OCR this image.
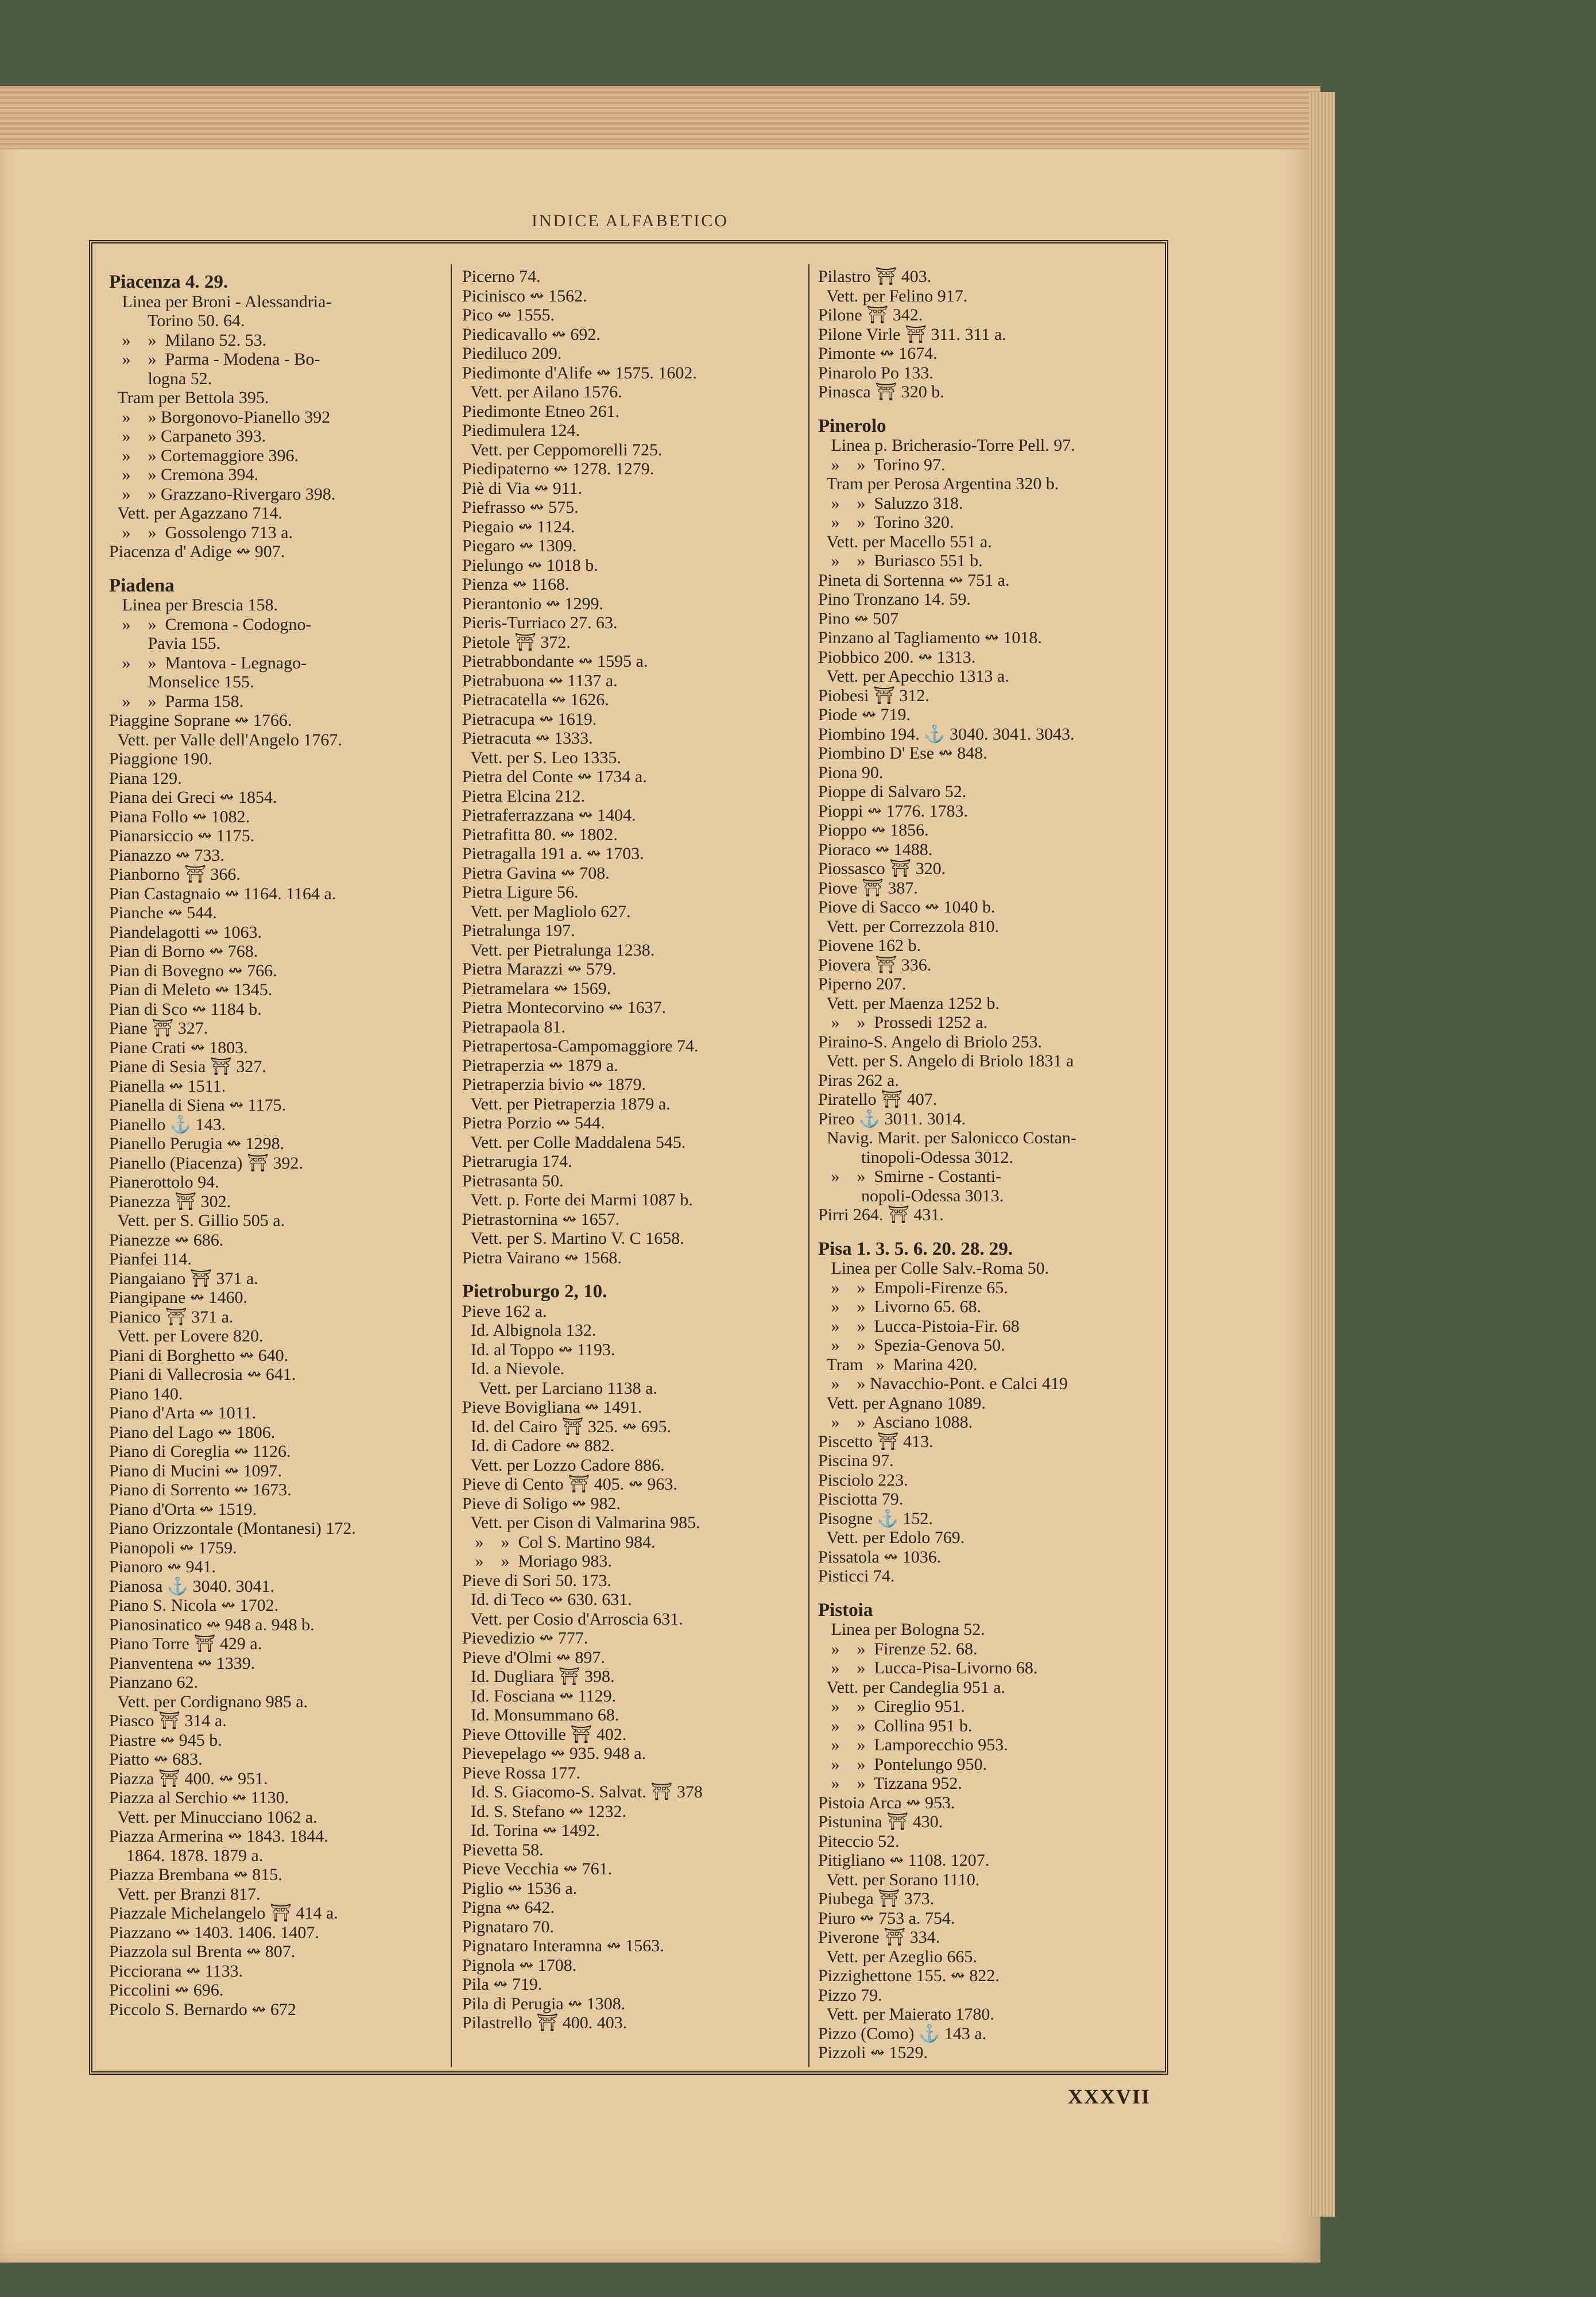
INDICE ALFABETICO
Piacenza 4. 29.
Linea per Broni - Alessandria-
Torino 50. 64.
»    »  Milano 52. 53.
»    »  Parma - Modena - Bo-
logna 52.
Tram per Bettola 395.
»    » Borgonovo-Pianello 392
»    » Carpaneto 393.
»    » Cortemaggiore 396.
»    » Cremona 394.
»    » Grazzano-Rivergaro 398.
Vett. per Agazzano 714.
»    »  Gossolengo 713 a.
Piacenza d' Adige ↭ 907.
Piadena
Linea per Brescia 158.
»    »  Cremona - Codogno-
Pavia 155.
»    »  Mantova - Legnago-
Monselice 155.
»    »  Parma 158.
Piaggine Soprane ↭ 1766.
Vett. per Valle dell'Angelo 1767.
Piaggione 190.
Piana 129.
Piana dei Greci ↭ 1854.
Piana Follo ↭ 1082.
Pianarsiccio ↭ 1175.
Pianazzo ↭ 733.
Pianborno ⛩ 366.
Pian Castagnaio ↭ 1164. 1164 a.
Pianche ↭ 544.
Piandelagotti ↭ 1063.
Pian di Borno ↭ 768.
Pian di Bovegno ↭ 766.
Pian di Meleto ↭ 1345.
Pian di Sco ↭ 1184 b.
Piane ⛩ 327.
Piane Crati ↭ 1803.
Piane di Sesia ⛩ 327.
Pianella ↭ 1511.
Pianella di Siena ↭ 1175.
Pianello ⚓ 143.
Pianello Perugia ↭ 1298.
Pianello (Piacenza) ⛩ 392.
Pianerottolo 94.
Pianezza ⛩ 302.
Vett. per S. Gillio 505 a.
Pianezze ↭ 686.
Pianfei 114.
Piangaiano ⛩ 371 a.
Piangipane ↭ 1460.
Pianico ⛩ 371 a.
Vett. per Lovere 820.
Piani di Borghetto ↭ 640.
Piani di Vallecrosia ↭ 641.
Piano 140.
Piano d'Arta ↭ 1011.
Piano del Lago ↭ 1806.
Piano di Coreglia ↭ 1126.
Piano di Mucini ↭ 1097.
Piano di Sorrento ↭ 1673.
Piano d'Orta ↭ 1519.
Piano Orizzontale (Montanesi) 172.
Pianopoli ↭ 1759.
Pianoro ↭ 941.
Pianosa ⚓ 3040. 3041.
Piano S. Nicola ↭ 1702.
Pianosinatico ↭ 948 a. 948 b.
Piano Torre ⛩ 429 a.
Pianventena ↭ 1339.
Pianzano 62.
Vett. per Cordignano 985 a.
Piasco ⛩ 314 a.
Piastre ↭ 945 b.
Piatto ↭ 683.
Piazza ⛩ 400. ↭ 951.
Piazza al Serchio ↭ 1130.
Vett. per Minucciano 1062 a.
Piazza Armerina ↭ 1843. 1844.
1864. 1878. 1879 a.
Piazza Brembana ↭ 815.
Vett. per Branzi 817.
Piazzale Michelangelo ⛩ 414 a.
Piazzano ↭ 1403. 1406. 1407.
Piazzola sul Brenta ↭ 807.
Picciorana ↭ 1133.
Piccolini ↭ 696.
Piccolo S. Bernardo ↭ 672
Picerno 74.
Picinisco ↭ 1562.
Pico ↭ 1555.
Piedicavallo ↭ 692.
Piediluco 209.
Piedimonte d'Alife ↭ 1575. 1602.
Vett. per Ailano 1576.
Piedimonte Etneo 261.
Piedimulera 124.
Vett. per Ceppomorelli 725.
Piedipaterno ↭ 1278. 1279.
Piè di Via ↭ 911.
Piefrasso ↭ 575.
Piegaio ↭ 1124.
Piegaro ↭ 1309.
Pielungo ↭ 1018 b.
Pienza ↭ 1168.
Pierantonio ↭ 1299.
Pieris-Turriaco 27. 63.
Pietole ⛩ 372.
Pietrabbondante ↭ 1595 a.
Pietrabuona ↭ 1137 a.
Pietracatella ↭ 1626.
Pietracupa ↭ 1619.
Pietracuta ↭ 1333.
Vett. per S. Leo 1335.
Pietra del Conte ↭ 1734 a.
Pietra Elcina 212.
Pietraferrazzana ↭ 1404.
Pietrafitta 80. ↭ 1802.
Pietragalla 191 a. ↭ 1703.
Pietra Gavina ↭ 708.
Pietra Ligure 56.
Vett. per Magliolo 627.
Pietralunga 197.
Vett. per Pietralunga 1238.
Pietra Marazzi ↭ 579.
Pietramelara ↭ 1569.
Pietra Montecorvino ↭ 1637.
Pietrapaola 81.
Pietrapertosa-Campomaggiore 74.
Pietraperzia ↭ 1879 a.
Pietraperzia bivio ↭ 1879.
Vett. per Pietraperzia 1879 a.
Pietra Porzio ↭ 544.
Vett. per Colle Maddalena 545.
Pietrarugia 174.
Pietrasanta 50.
Vett. p. Forte dei Marmi 1087 b.
Pietrastornina ↭ 1657.
Vett. per S. Martino V. C 1658.
Pietra Vairano ↭ 1568.
Pietroburgo 2, 10.
Pieve 162 a.
Id. Albignola 132.
Id. al Toppo ↭ 1193.
Id. a Nievole.
Vett. per Larciano 1138 a.
Pieve Bovigliana ↭ 1491.
Id. del Cairo ⛩ 325. ↭ 695.
Id. di Cadore ↭ 882.
Vett. per Lozzo Cadore 886.
Pieve di Cento ⛩ 405. ↭ 963.
Pieve di Soligo ↭ 982.
Vett. per Cison di Valmarina 985.
»    »  Col S. Martino 984.
»    »  Moriago 983.
Pieve di Sori 50. 173.
Id. di Teco ↭ 630. 631.
Vett. per Cosio d'Arroscia 631.
Pievedizio ↭ 777.
Pieve d'Olmi ↭ 897.
Id. Dugliara ⛩ 398.
Id. Fosciana ↭ 1129.
Id. Monsummano 68.
Pieve Ottoville ⛩ 402.
Pievepelago ↭ 935. 948 a.
Pieve Rossa 177.
Id. S. Giacomo-S. Salvat. ⛩ 378
Id. S. Stefano ↭ 1232.
Id. Torina ↭ 1492.
Pievetta 58.
Pieve Vecchia ↭ 761.
Piglio ↭ 1536 a.
Pigna ↭ 642.
Pignataro 70.
Pignataro Interamna ↭ 1563.
Pignola ↭ 1708.
Pila ↭ 719.
Pila di Perugia ↭ 1308.
Pilastrello ⛩ 400. 403.
Pilastro ⛩ 403.
Vett. per Felino 917.
Pilone ⛩ 342.
Pilone Virle ⛩ 311. 311 a.
Pimonte ↭ 1674.
Pinarolo Po 133.
Pinasca ⛩ 320 b.
Pinerolo
Linea p. Bricherasio-Torre Pell. 97.
»    »  Torino 97.
Tram per Perosa Argentina 320 b.
»    »  Saluzzo 318.
»    »  Torino 320.
Vett. per Macello 551 a.
»    »  Buriasco 551 b.
Pineta di Sortenna ↭ 751 a.
Pino Tronzano 14. 59.
Pino ↭ 507
Pinzano al Tagliamento ↭ 1018.
Piobbico 200. ↭ 1313.
Vett. per Apecchio 1313 a.
Piobesi ⛩ 312.
Piode ↭ 719.
Piombino 194. ⚓ 3040. 3041. 3043.
Piombino D' Ese ↭ 848.
Piona 90.
Pioppe di Salvaro 52.
Pioppi ↭ 1776. 1783.
Pioppo ↭ 1856.
Pioraco ↭ 1488.
Piossasco ⛩ 320.
Piove ⛩ 387.
Piove di Sacco ↭ 1040 b.
Vett. per Correzzola 810.
Piovene 162 b.
Piovera ⛩ 336.
Piperno 207.
Vett. per Maenza 1252 b.
»    »  Prossedi 1252 a.
Piraino-S. Angelo di Briolo 253.
Vett. per S. Angelo di Briolo 1831 a
Piras 262 a.
Piratello ⛩ 407.
Pireo ⚓ 3011. 3014.
Navig. Marit. per Salonicco Costan-
tinopoli-Odessa 3012.
»    »  Smirne - Costanti-
nopoli-Odessa 3013.
Pirri 264. ⛩ 431.
Pisa 1. 3. 5. 6. 20. 28. 29.
Linea per Colle Salv.-Roma 50.
»    »  Empoli-Firenze 65.
»    »  Livorno 65. 68.
»    »  Lucca-Pistoia-Fir. 68
»    »  Spezia-Genova 50.
Tram   »  Marina 420.
»    » Navacchio-Pont. e Calci 419
Vett. per Agnano 1089.
»    »  Asciano 1088.
Piscetto ⛩ 413.
Piscina 97.
Pisciolo 223.
Pisciotta 79.
Pisogne ⚓ 152.
Vett. per Edolo 769.
Pissatola ↭ 1036.
Pisticci 74.
Pistoia
Linea per Bologna 52.
»    »  Firenze 52. 68.
»    »  Lucca-Pisa-Livorno 68.
Vett. per Candeglia 951 a.
»    »  Cireglio 951.
»    »  Collina 951 b.
»    »  Lamporecchio 953.
»    »  Pontelungo 950.
»    »  Tizzana 952.
Pistoia Arca ↭ 953.
Pistunina ⛩ 430.
Piteccio 52.
Pitigliano ↭ 1108. 1207.
Vett. per Sorano 1110.
Piubega ⛩ 373.
Piuro ↭ 753 a. 754.
Piverone ⛩ 334.
Vett. per Azeglio 665.
Pizzighettone 155. ↭ 822.
Pizzo 79.
Vett. per Maierato 1780.
Pizzo (Como) ⚓ 143 a.
Pizzoli ↭ 1529.
XXXVII
